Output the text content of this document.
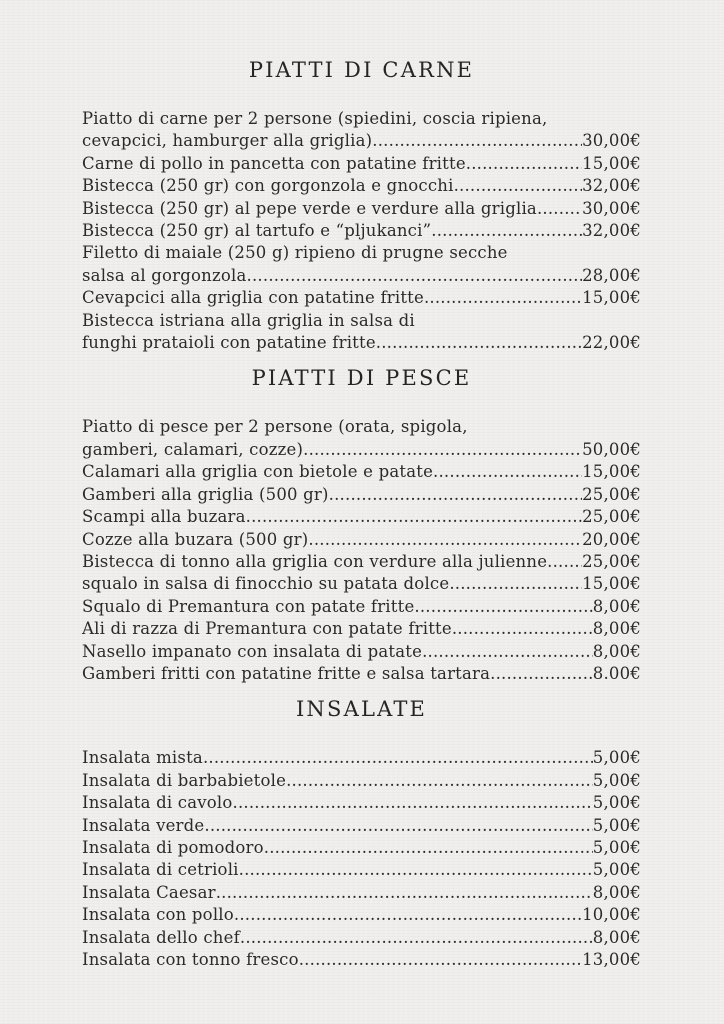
PIATTI DI CARNE
Piatto di carne per 2 persone (spiedini, coscia ripiena,
cevapcici, hamburger alla griglia) .....	30,00€
Carne di pollo in pancetta con patatine fritte .....	15,00€
Bistecca (250 gr) con gorgonzola e gnocchi .....	32,00€
Bistecca (250 gr) al pepe verde e verdure alla griglia .....	30,00€
Bistecca (250 gr) al tartufo e “pljukanci” .....	32,00€
Filetto di maiale (250 g) ripieno di prugne secche
salsa al gorgonzola .....	28,00€
Cevapcici alla griglia con patatine fritte .....	15,00€
Bistecca istriana alla griglia in salsa di
funghi prataioli con patatine fritte .....	22,00€
PIATTI DI PESCE
Piatto di pesce per 2 persone (orata, spigola,
gamberi, calamari, cozze) .....	50,00€
Calamari alla griglia con bietole e patate .....	15,00€
Gamberi alla griglia (500 gr) .....	25,00€
Scampi alla buzara .....	25,00€
Cozze alla buzara (500 gr) .....	20,00€
Bistecca di tonno alla griglia con verdure alla julienne ..... 25,00€
squalo in salsa di finocchio su patata dolce .....	15,00€
Squalo di Premantura con patate fritte .....	8,00€
Ali di razza di Premantura con patate fritte .....	8,00€
Nasello impanato con insalata di patate .....	8,00€
Gamberi fritti con patatine fritte e salsa tartara .....	8.00€
INSALATE
Insalata mista .....	5,00€
Insalata di barbabietole .....	5,00€
Insalata di cavolo .....	5,00€
Insalata verde .....	5,00€
Insalata di pomodoro .....	5,00€
Insalata di cetrioli .....	5,00€
Insalata Caesar .....	8,00€
Insalata con pollo .....	10,00€
Insalata dello chef .....	8,00€
Insalata con tonno fresco .....	13,00€
